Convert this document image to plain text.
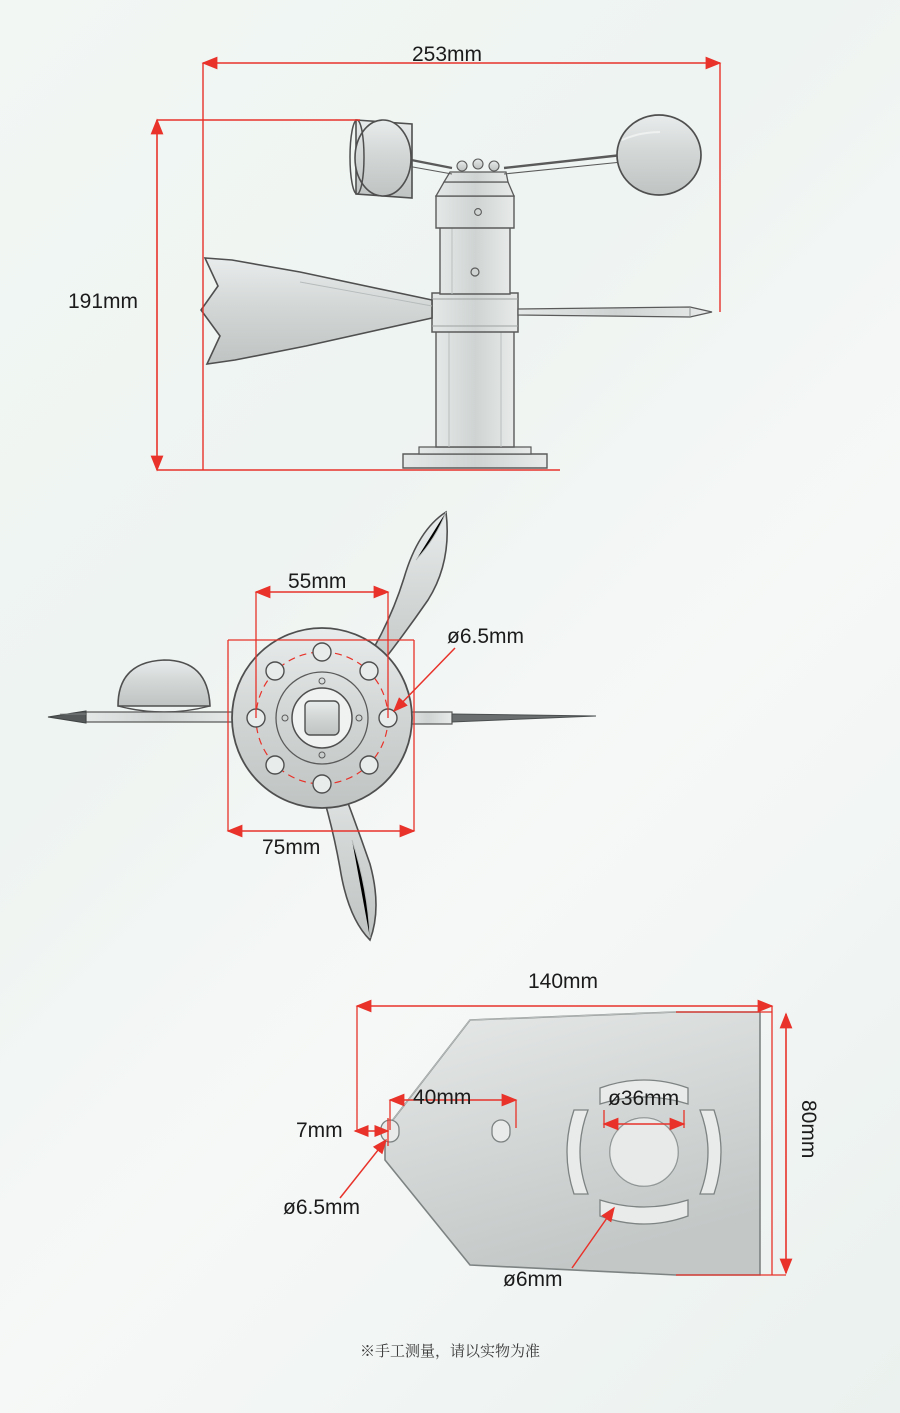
253mm
191mm
55mm
75mm
ø6.5mm
140mm
80mm
40mm
7mm
ø36mm
ø6.5mm
ø6mm
※手工测量，请以实物为准
